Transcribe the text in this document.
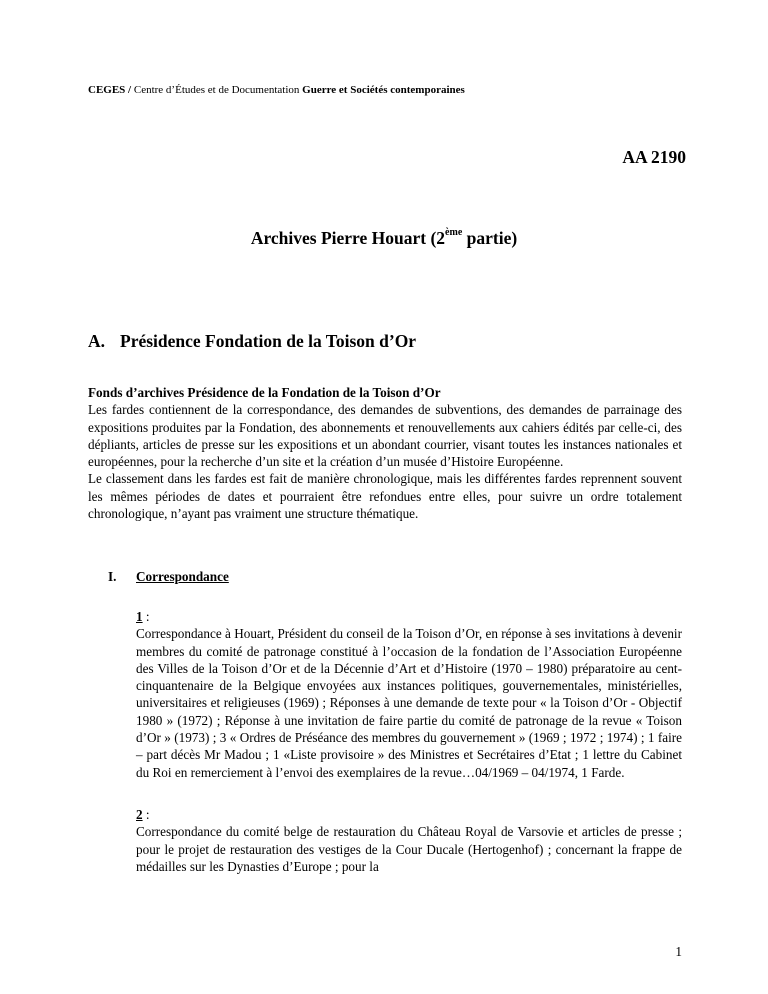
CEGES / Centre d’Études et de Documentation Guerre et Sociétés contemporaines
AA 2190
Archives Pierre Houart (2ème partie)
A. Présidence Fondation de la Toison d’Or

Fonds d’archives Présidence de la Fondation de la Toison d’Or

Les fardes contiennent de la correspondance, des demandes de subventions, des demandes de parrainage des expositions produites par la Fondation, des abonnements et renouvellements aux cahiers édités par celle-ci, des dépliants, articles de presse sur les expositions et un abondant courrier, visant toutes les instances nationales et européennes, pour la recherche d’un site et la création d’un musée d’Histoire Européenne.

Le classement dans les fardes est fait de manière chronologique, mais les différentes fardes reprennent souvent les mêmes périodes de dates et pourraient être refondues entre elles, pour suivre un ordre totalement chronologique, n’ayant pas vraiment une structure thématique.

I. Correspondance

1 :

Correspondance à Houart, Président du conseil de la Toison d’Or, en réponse à ses invitations à devenir membres du comité de patronage constitué à l’occasion de la fondation de l’Association Européenne des Villes de la Toison d’Or et de la Décennie d’Art et d’Histoire (1970 – 1980) préparatoire au cent-cinquantenaire de la Belgique envoyées aux instances politiques, gouvernementales, ministérielles, universitaires et religieuses (1969) ; Réponses à une demande de texte pour « la Toison d’Or - Objectif 1980 » (1972) ; Réponse à une invitation de faire partie du comité de patronage de la revue « Toison d’Or » (1973) ; 3 « Ordres de Préséance des membres du gouvernement » (1969 ; 1972 ; 1974) ; 1 faire – part décès Mr Madou ; 1 «Liste provisoire » des Ministres et Secrétaires d’Etat ; 1 lettre du Cabinet du Roi en remerciement à l’envoi des exemplaires de la revue…04/1969 – 04/1974, 1 Farde.

2 :

Correspondance du comité belge de restauration du Château Royal de Varsovie et articles de presse ; pour le projet de restauration des vestiges de la Cour Ducale (Hertogenhof) ; concernant la frappe de médailles sur les Dynasties d’Europe ; pour la

1
